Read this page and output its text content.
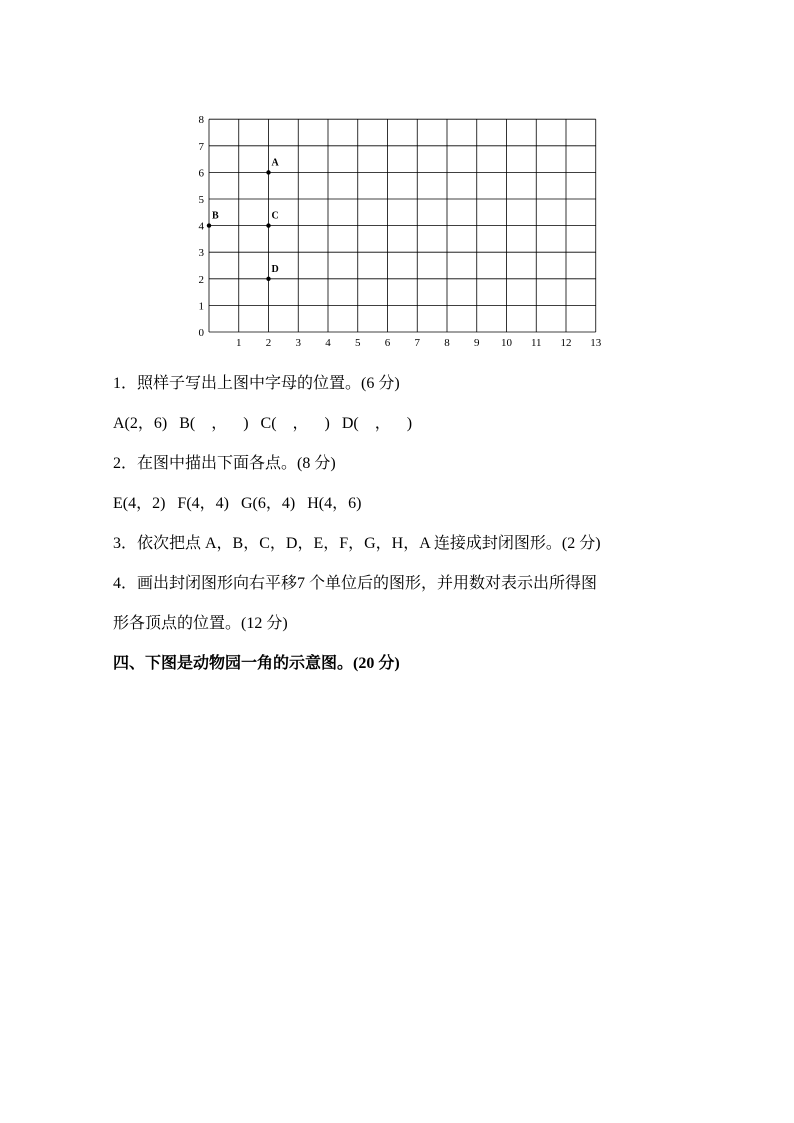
1 2 3 4 5 6 7 8 9 10 11 12 13
0
1
2
3
4
5
6
7
8
A
B	C
D
1．照样子写出上图中字母的位置。(6 分)
A(2，6)   B(    ，    )   C(    ，    )   D(    ，    )
2．在图中描出下面各点。(8 分)
E(4，2)   F(4，4)   G(6，4)   H(4，6)
3．依次把点 A，B，C，D，E，F，G，H，A 连接成封闭图形。(2 分)
4．画出封闭图形向右平移7 个单位后的图形，并用数对表示出所得图
形各顶点的位置。(12 分)
四、下图是动物园一角的示意图。(20 分)
